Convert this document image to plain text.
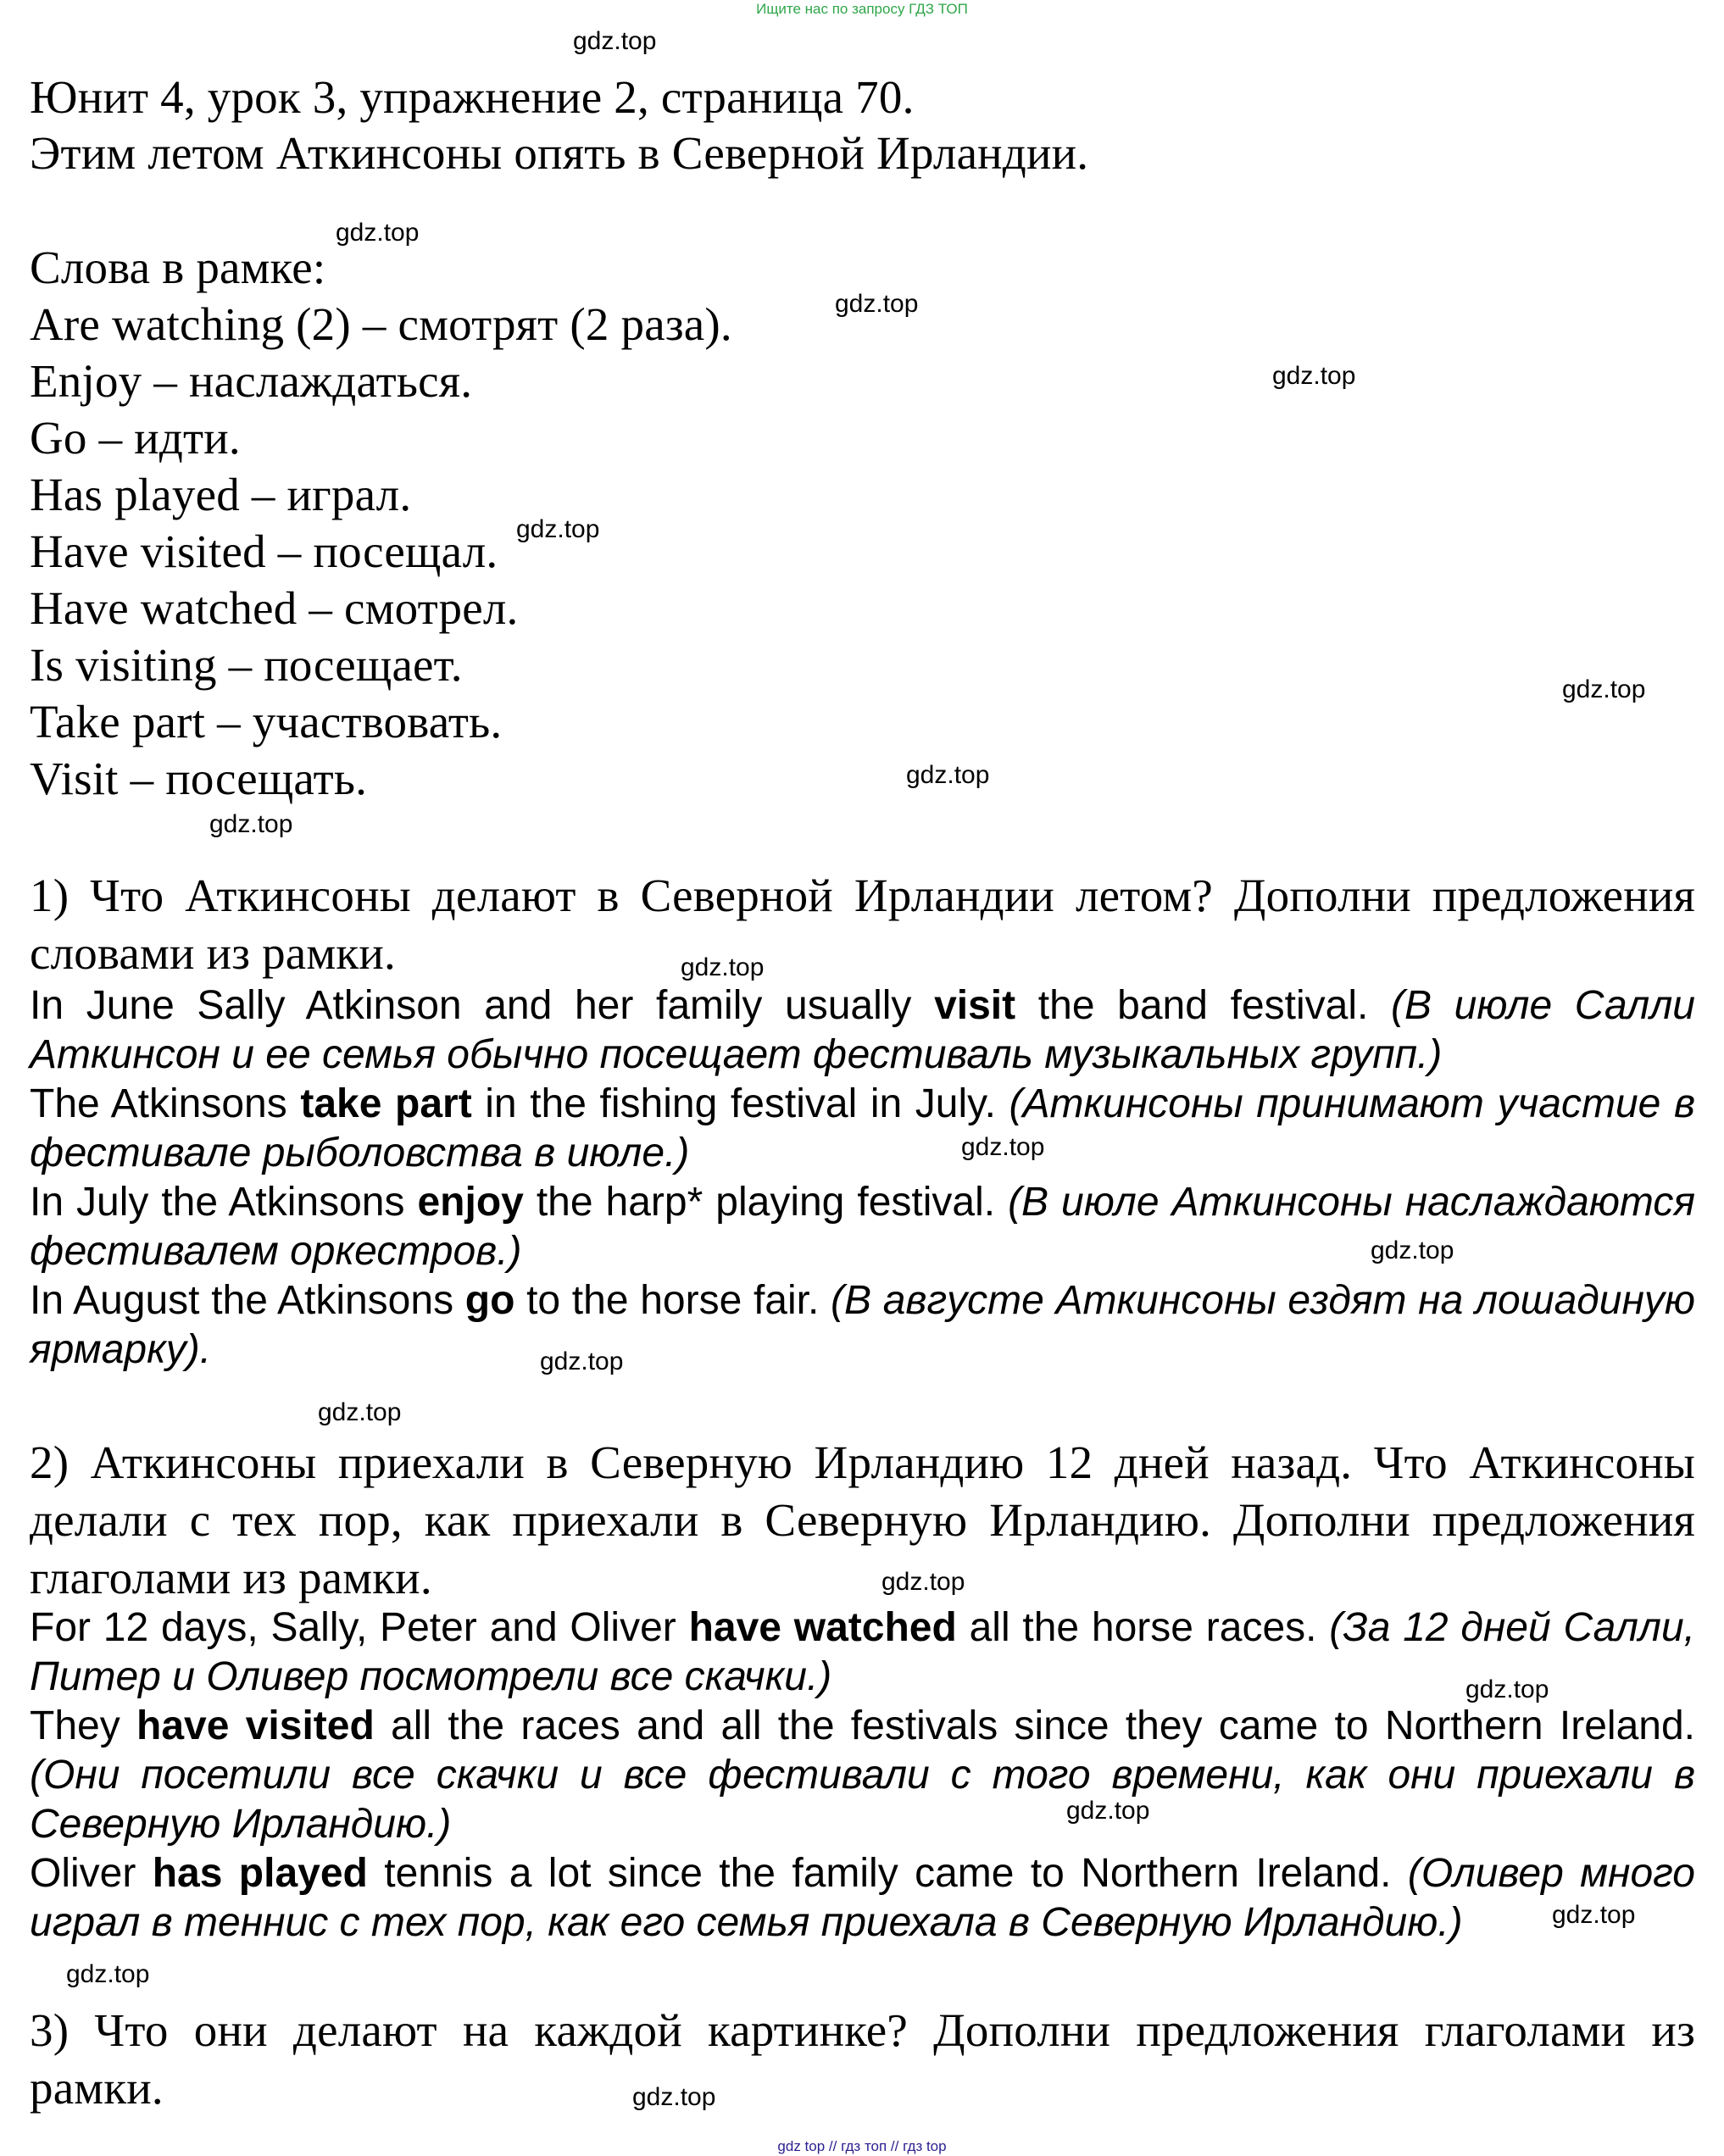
Ищите нас по запросу ГДЗ ТОП
gdz top // гдз топ // гдз top
gdz.top
gdz.top
gdz.top
gdz.top
gdz.top
gdz.top
gdz.top
gdz.top
gdz.top
gdz.top
gdz.top
gdz.top
gdz.top
gdz.top
gdz.top
gdz.top
gdz.top
gdz.top
gdz.top
Юнит 4, урок 3, упражнение 2, страница 70.
Этим летом Аткинсоны опять в Северной Ирландии.
Слова в рамке:
Are watching (2) – смотрят (2 раза).
Enjoy – наслаждаться.
Go – идти.
Has played – играл.
Have visited – посещал.
Have watched – смотрел.
Is visiting – посещает.
Take part – участвовать.
Visit – посещать.
1) Что Аткинсоны делают в Северной Ирландии летом? Дополни предложения словами из рамки.
In June Sally Atkinson and her family usually visit the band festival. (В июле Салли Аткинсон и ее семья обычно посещает фестиваль музыкальных групп.)
The Atkinsons take part in the fishing festival in July. (Аткинсоны принимают участие в фестивале рыболовства в июле.)
In July the Atkinsons enjoy the harp* playing festival. (В июле Аткинсоны наслаждаются фестивалем оркестров.)
In August the Atkinsons go to the horse fair. (В августе Аткинсоны ездят на лошадиную ярмарку).
2) Аткинсоны приехали в Северную Ирландию 12 дней назад. Что Аткинсоны делали с тех пор, как приехали в Северную Ирландию. Дополни предложения глаголами из рамки.
For 12 days, Sally, Peter and Oliver have watched all the horse races. (За 12 дней Салли, Питер и Оливер посмотрели все скачки.)
They have visited all the races and all the festivals since they came to Northern Ireland. (Они посетили все скачки и все фестивали с того времени, как они приехали в Северную Ирландию.)
Oliver has played tennis a lot since the family came to Northern Ireland. (Оливер много играл в теннис с тех пор, как его семья приехала в Северную Ирландию.)
3) Что они делают на каждой картинке? Дополни предложения глаголами из рамки.
